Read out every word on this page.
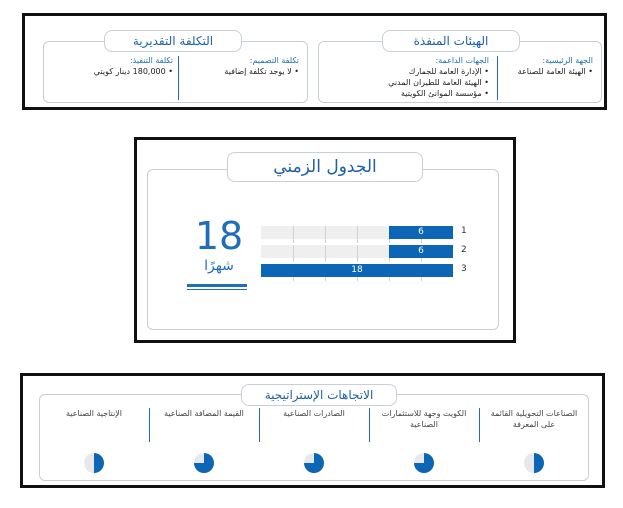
الجهة الرئيسية:
• الهيئة العامة للصناعة
الجهات الداعمة:
• الإدارة العامة للجمارك
• الهيئة العامة للطيران المدني
• مؤسسة الموانئ الكويتية
الهيئات المنفذة
تكلفة التصميم:
• لا يوجد تكلفة إضافية
تكلفة التنفيذ:
• 180,000 دينار كويتي
التكلفة التقديرية
الجدول الزمني
18
شهرًا
6	1
6	2
18	3
الاتجاهات الإستراتيجية
الصناعات التحويلية القائمة على المعرفة
الكويت وجهة للاستثمارات الصناعية
الصادرات الصناعية
القيمة المضافة الصناعية
الإنتاجية الصناعية
